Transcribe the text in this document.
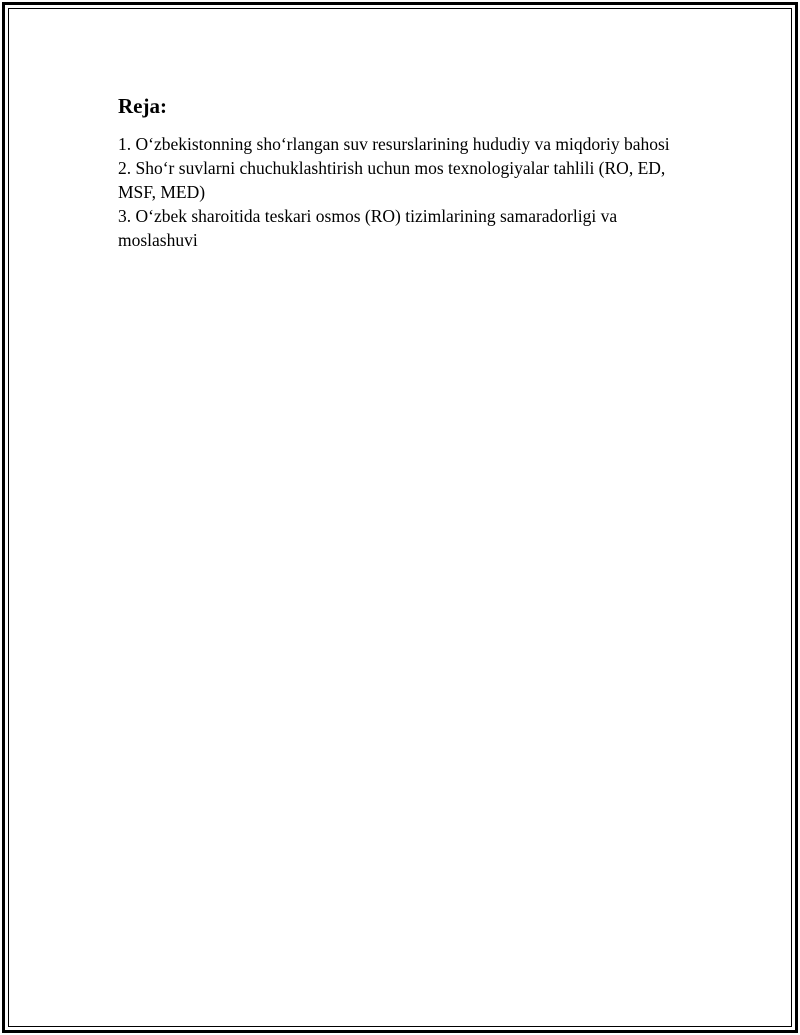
Reja:
1. O‘zbekistonning sho‘rlangan suv resurslarining hududiy va miqdoriy bahosi
2. Sho‘r suvlarni chuchuklashtirish uchun mos texnologiyalar tahlili (RO, ED, MSF, MED)
3. O‘zbek sharoitida teskari osmos (RO) tizimlarining samaradorligi va moslashuvi
